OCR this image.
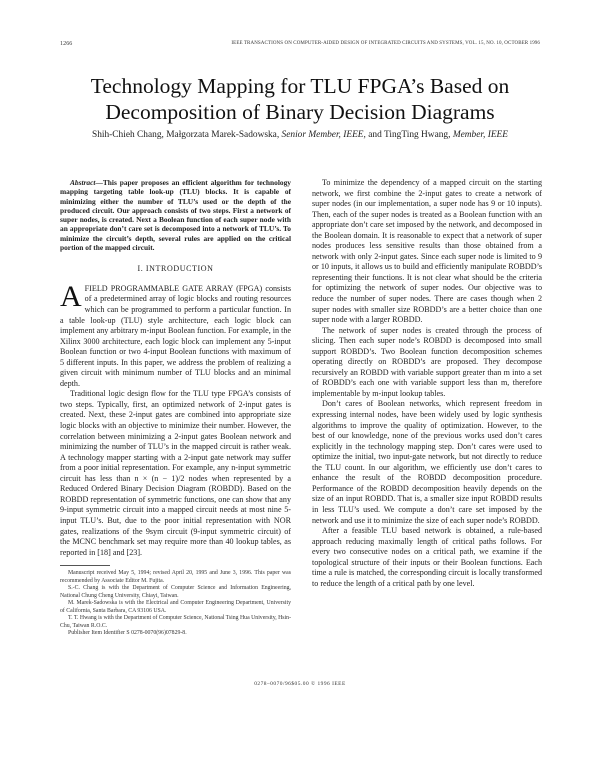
1266	IEEE TRANSACTIONS ON COMPUTER-AIDED DESIGN OF INTEGRATED CIRCUITS AND SYSTEMS, VOL. 15, NO. 10, OCTOBER 1996
Technology Mapping for TLU FPGA’s Based on
Decomposition of Binary Decision Diagrams
Shih-Chieh Chang, Małgorzata Marek-Sadowska, Senior Member, IEEE, and TingTing Hwang, Member, IEEE

Abstract—This paper proposes an efficient algorithm for technology mapping targeting table look-up (TLU) blocks. It is capable of minimizing either the number of TLU’s used or the depth of the produced circuit. Our approach consists of two steps. First a network of super nodes, is created. Next a Boolean function of each super node with an appropriate don’t care set is decomposed into a network of TLU’s. To minimize the circuit’s depth, several rules are applied on the critical portion of the mapped circuit.

I. INTRODUCTION

AFIELD PROGRAMMABLE GATE ARRAY (FPGA) consists of a predetermined array of logic blocks and routing resources which can be programmed to perform a particular function. In a table look-up (TLU) style architecture, each logic block can implement any arbitrary m-input Boolean function. For example, in the Xilinx 3000 architecture, each logic block can implement any 5-input Boolean function or two 4-input Boolean functions with maximum of 5 different inputs. In this paper, we address the problem of realizing a given circuit with minimum number of TLU blocks and an minimal depth.

Traditional logic design flow for the TLU type FPGA’s consists of two steps. Typically, first, an optimized network of 2-input gates is created. Next, these 2-input gates are combined into appropriate size logic blocks with an objective to minimize their number. However, the correlation between minimizing a 2-input gates Boolean network and minimizing the number of TLU’s in the mapped circuit is rather weak. A technology mapper starting with a 2-input gate network may suffer from a poor initial representation. For example, any n-input symmetric circuit has less than n × (n − 1)/2 nodes when represented by a Reduced Ordered Binary Decision Diagram (ROBDD). Based on the ROBDD representation of symmetric functions, one can show that any 9-input symmetric circuit into a mapped circuit needs at most nine 5-input TLU’s. But, due to the poor initial representation with NOR gates, realizations of the 9sym circuit (9-input symmetric circuit) of the MCNC benchmark set may require more than 40 lookup tables, as reported in [18] and [23].

Manuscript received May 5, 1994; revised April 20, 1995 and June 3, 1996. This paper was recommended by Associate Editor M. Fujita.

S.-C. Chang is with the Department of Computer Science and Information Engineering, National Chung Cheng University, Chiayi, Taiwan.

M. Marek-Sadowska is with the Electrical and Computer Engineering Department, University of California, Santa Barbara, CA 93106 USA.

T. T. Hwang is with the Department of Computer Science, National Tsing Hua University, Hsin-Chu, Taiwan R.O.C.

Publisher Item Identifier S 0278-0070(96)07829-8.

To minimize the dependency of a mapped circuit on the starting network, we first combine the 2-input gates to create a network of super nodes (in our implementation, a super node has 9 or 10 inputs). Then, each of the super nodes is treated as a Boolean function with an appropriate don’t care set imposed by the network, and decomposed in the Boolean domain. It is reasonable to expect that a network of super nodes produces less sensitive results than those obtained from a network with only 2-input gates. Since each super node is limited to 9 or 10 inputs, it allows us to build and efficiently manipulate ROBDD’s representing their functions. It is not clear what should be the criteria for optimizing the network of super nodes. Our objective was to reduce the number of super nodes. There are cases though when 2 super nodes with smaller size ROBDD’s are a better choice than one super node with a larger ROBDD.

The network of super nodes is created through the process of slicing. Then each super node’s ROBDD is decomposed into small support ROBDD’s. Two Boolean function decomposition schemes operating directly on ROBDD’s are proposed. They decompose recursively an ROBDD with variable support greater than m into a set of ROBDD’s each one with variable support less than m, therefore implementable by m-input lookup tables.

Don’t cares of Boolean networks, which represent freedom in expressing internal nodes, have been widely used by logic synthesis algorithms to improve the quality of optimization. However, to the best of our knowledge, none of the previous works used don’t cares explicitly in the technology mapping step. Don’t cares were used to optimize the initial, two input-gate network, but not directly to reduce the TLU count. In our algorithm, we efficiently use don’t cares to enhance the result of the ROBDD decomposition procedure. Performance of the ROBDD decomposition heavily depends on the size of an input ROBDD. That is, a smaller size input ROBDD results in less TLU’s used. We compute a don’t care set imposed by the network and use it to minimize the size of each super node’s ROBDD.

After a feasible TLU based network is obtained, a rule-based approach reducing maximally length of critical paths follows. For every two consecutive nodes on a critical path, we examine if the topological structure of their inputs or their Boolean functions. Each time a rule is matched, the corresponding circuit is locally transformed to reduce the length of a critical path by one level.

0278–0070/96$05.00 © 1996 IEEE
